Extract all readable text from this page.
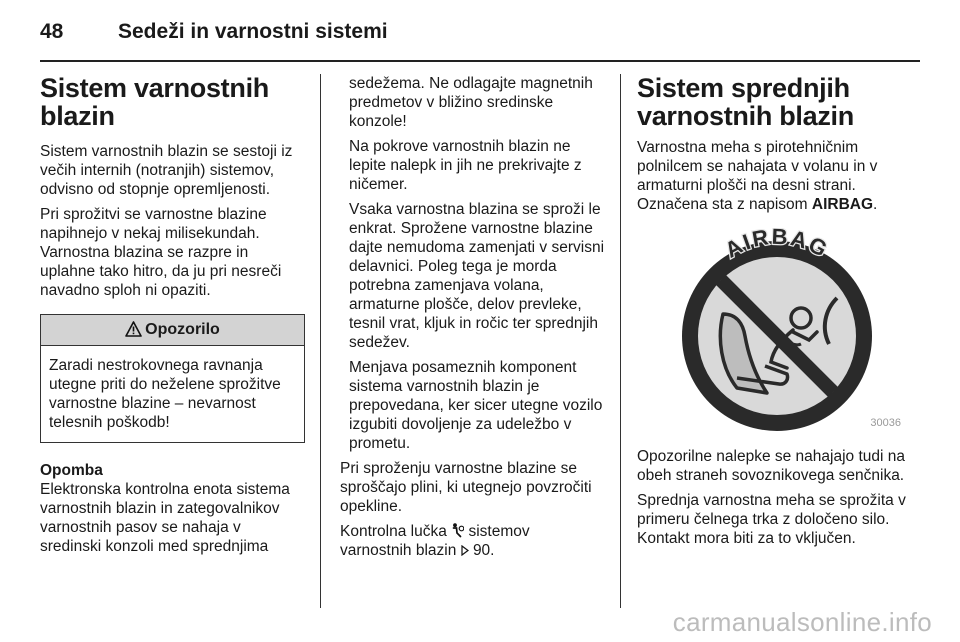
48	Sedeži in varnostni sistemi
Sistem varnostnih blazin

Sistem varnostnih blazin se sestoji iz večih internih (notranjih) sistemov, odvisno od stopnje opremljenosti.

Pri sprožitvi se varnostne blazine napihnejo v nekaj milisekundah. Varnostna blazina se razpre in uplahne tako hitro, da ju pri nesreči navadno sploh ni opaziti.

Opozorilo
Zaradi nestrokovnega ravnanja utegne priti do neželene sprožitve varnostne blazine – nevarnost telesnih poškodb!
Opomba
Elektronska kontrolna enota sistema varnostnih blazin in zategovalnikov varnostnih pasov se nahaja v sredinski konzoli med sprednjima

sedežema. Ne odlagajte magnetnih predmetov v bližino sredinske konzole!

Na pokrove varnostnih blazin ne lepite nalepk in jih ne prekrivajte z ničemer.

Vsaka varnostna blazina se sproži le enkrat. Sprožene varnostne blazine dajte nemudoma zamenjati v servisni delavnici. Poleg tega je morda potrebna zamenjava volana, armaturne plošče, delov prevleke, tesnil vrat, kljuk in ročic ter sprednjih sedežev.

Menjava posameznih komponent sistema varnostnih blazin je prepovedana, ker sicer utegne vozilo izgubiti dovoljenje za udeležbo v prometu.

Pri sproženju varnostne blazine se sproščajo plini, ki utegnejo povzročiti opekline.

Kontrolna lučka  sistemov varnostnih blazin  90.

Sistem sprednjih varnostnih blazin

Varnostna meha s pirotehničnim polnilcem se nahajata v volanu in v armaturni plošči na desni strani. Označena sta z napisom AIRBAG.

AIRBAG
30036

Opozorilne nalepke se nahajajo tudi na obeh straneh sovoznikovega senčnika.

Sprednja varnostna meha se sprožita v primeru čelnega trka z določeno silo. Kontakt mora biti za to vključen.

carmanualsonline.info
